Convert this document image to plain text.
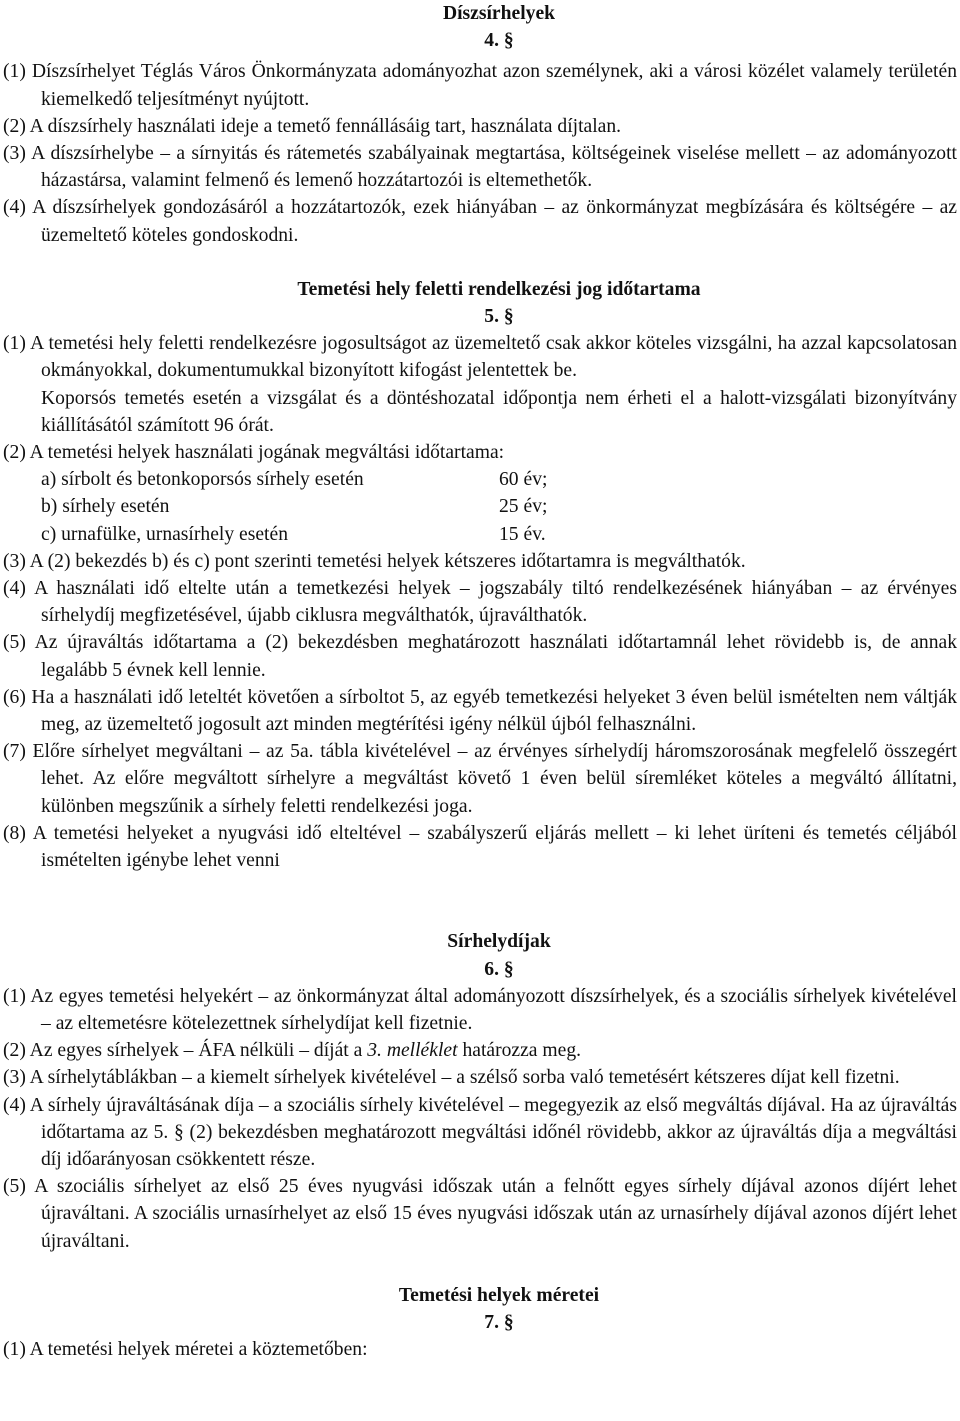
Díszsírhelyek
4. §
(1) Díszsírhelyet Téglás Város Önkormányzata adományozhat azon személynek, aki a városi közélet valamely területén kiemelkedő teljesítményt nyújtott.
(2) A díszsírhely használati ideje a temető fennállásáig tart, használata díjtalan.
(3) A díszsírhelybe – a sírnyitás és rátemetés szabályainak megtartása, költségeinek viselése mellett – az adományozott házastársa, valamint felmenő és lemenő hozzátartozói is eltemethetők.
(4) A díszsírhelyek gondozásáról a hozzátartozók, ezek hiányában – az önkormányzat megbízására és költségére – az üzemeltető köteles gondoskodni.
Temetési hely feletti rendelkezési jog időtartama
5. §
(1) A temetési hely feletti rendelkezésre jogosultságot az üzemeltető csak akkor köteles vizsgálni, ha azzal kapcsolatosan okmányokkal, dokumentumukkal bizonyított kifogást jelentettek be.
Koporsós temetés esetén a vizsgálat és a döntéshozatal időpontja nem érheti el a halott-vizsgálati bizonyítvány kiállításától számított 96 órát.
(2) A temetési helyek használati jogának megváltási időtartama:
a) sírbolt és betonkoporsós sírhely esetén	60 év;
b) sírhely esetén	25 év;
c) urnafülke, urnasírhely esetén	15 év.
(3) A (2) bekezdés b) és c) pont szerinti temetési helyek kétszeres időtartamra is megválthatók.
(4) A használati idő eltelte után a temetkezési helyek – jogszabály tiltó rendelkezésének hiányában – az érvényes sírhelydíj megfizetésével, újabb ciklusra megválthatók, újraválthatók.
(5) Az újraváltás időtartama a (2) bekezdésben meghatározott használati időtartamnál lehet rövidebb is, de annak legalább 5 évnek kell lennie.
(6) Ha a használati idő leteltét követően a sírboltot 5, az egyéb temetkezési helyeket 3 éven belül ismételten nem váltják meg, az üzemeltető jogosult azt minden megtérítési igény nélkül újból felhasználni.
(7) Előre sírhelyet megváltani – az 5a. tábla kivételével – az érvényes sírhelydíj háromszorosának megfelelő összegért lehet. Az előre megváltott sírhelyre a megváltást követő 1 éven belül síremléket köteles a megváltó állítatni, különben megszűnik a sírhely feletti rendelkezési joga.
(8) A temetési helyeket a nyugvási idő elteltével – szabályszerű eljárás mellett – ki lehet üríteni és temetés céljából ismételten igénybe lehet venni
Sírhelydíjak
6. §
(1) Az egyes temetési helyekért – az önkormányzat által adományozott díszsírhelyek, és a szociális sírhelyek kivételével – az eltemetésre kötelezettnek sírhelydíjat kell fizetnie.
(2) Az egyes sírhelyek – ÁFA nélküli – díját a 3. melléklet határozza meg.
(3) A sírhelytáblákban – a kiemelt sírhelyek kivételével – a szélső sorba való temetésért kétszeres díjat kell fizetni.
(4) A sírhely újraváltásának díja – a szociális sírhely kivételével – megegyezik az első megváltás díjával. Ha az újraváltás időtartama az 5. § (2) bekezdésben meghatározott megváltási időnél rövidebb, akkor az újraváltás díja a megváltási díj időarányosan csökkentett része.
(5) A szociális sírhelyet az első 25 éves nyugvási időszak után a felnőtt egyes sírhely díjával azonos díjért lehet újraváltani. A szociális urnasírhelyet az első 15 éves nyugvási időszak után az urnasírhely díjával azonos díjért lehet újraváltani.
Temetési helyek méretei
7. §
(1) A temetési helyek méretei a köztemetőben:
